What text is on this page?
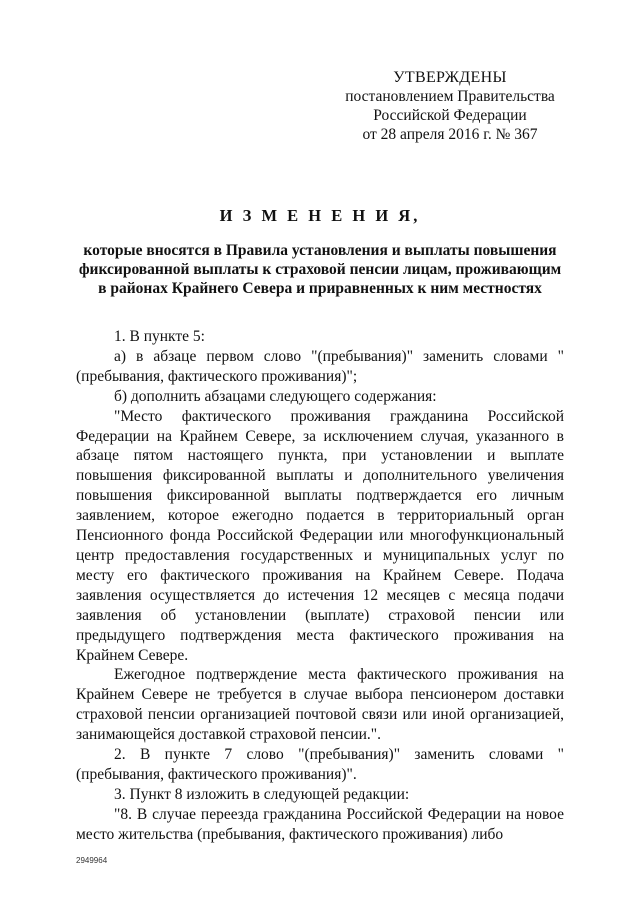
УТВЕРЖДЕНЫ
постановлением Правительства
Российской Федерации
от 28 апреля 2016 г. № 367
И З М Е Н Е Н И Я,
которые вносятся в Правила установления и выплаты повышения
фиксированной выплаты к страховой пенсии лицам, проживающим
в районах Крайнего Севера и приравненных к ним местностях

1. В пункте 5:

а) в абзаце первом слово "(пребывания)" заменить словами "(пребывания, фактического проживания)";

б) дополнить абзацами следующего содержания:

"Место фактического проживания гражданина Российской Федерации на Крайнем Севере, за исключением случая, указанного в абзаце пятом настоящего пункта, при установлении и выплате повышения фиксированной выплаты и дополнительного увеличения повышения фиксированной выплаты подтверждается его личным заявлением, которое ежегодно подается в территориальный орган Пенсионного фонда Российской Федерации или многофункциональный центр предоставления государственных и муниципальных услуг по месту его фактического проживания на Крайнем Севере. Подача заявления осуществляется до истечения 12 месяцев с месяца подачи заявления об установлении (выплате) страховой пенсии или предыдущего подтверждения места фактического проживания на Крайнем Севере.

Ежегодное подтверждение места фактического проживания на Крайнем Севере не требуется в случае выбора пенсионером доставки страховой пенсии организацией почтовой связи или иной организацией, занимающейся доставкой страховой пенсии.".

2. В пункте 7 слово "(пребывания)" заменить словами "(пребывания, фактического проживания)".

3. Пункт 8 изложить в следующей редакции:

"8. В случае переезда гражданина Российской Федерации на новое место жительства (пребывания, фактического проживания) либо

2949964
